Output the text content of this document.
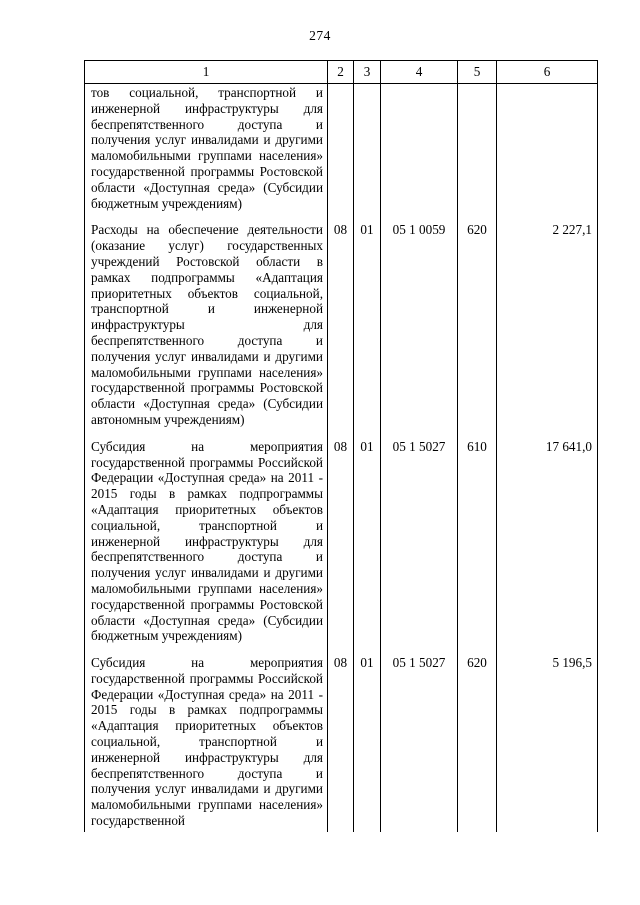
274
1	2	3	4	5	6
тов социальной, транспортной и инженерной инфраструктуры для беспрепятственного доступа и получения услуг инвалидами и другими маломобильными группами населения» государственной программы Ростовской области «Доступная среда» (Субсидии бюджетным учреждениям)					
Расходы на обеспечение деятельности (оказание услуг) государственных учреждений Ростовской области в рамках подпрограммы «Адаптация приоритетных объектов социальной, транспортной и инженерной инфраструктуры для беспрепятственного доступа и получения услуг инвалидами и другими маломобильными группами населения» государственной программы Ростовской области «Доступная среда» (Субсидии автономным учреждениям)	08	01	05 1 0059	620	2 227,1
Субсидия на мероприятия государственной программы Российской Федерации «Доступная среда» на 2011 - 2015 годы в рамках подпрограммы «Адаптация приоритетных объектов социальной, транспортной и инженерной инфраструктуры для беспрепятственного доступа и получения услуг инвалидами и другими маломобильными группами населения» государственной программы Ростовской области «Доступная среда» (Субсидии бюджетным учреждениям)	08	01	05 1 5027	610	17 641,0
Субсидия на мероприятия государственной программы Российской Федерации «Доступная среда» на 2011 - 2015 годы в рамках подпрограммы «Адаптация приоритетных объектов социальной, транспортной и инженерной инфраструктуры для беспрепятственного доступа и получения услуг инвалидами и другими маломобильными группами населения» государственной	08	01	05 1 5027	620	5 196,5
